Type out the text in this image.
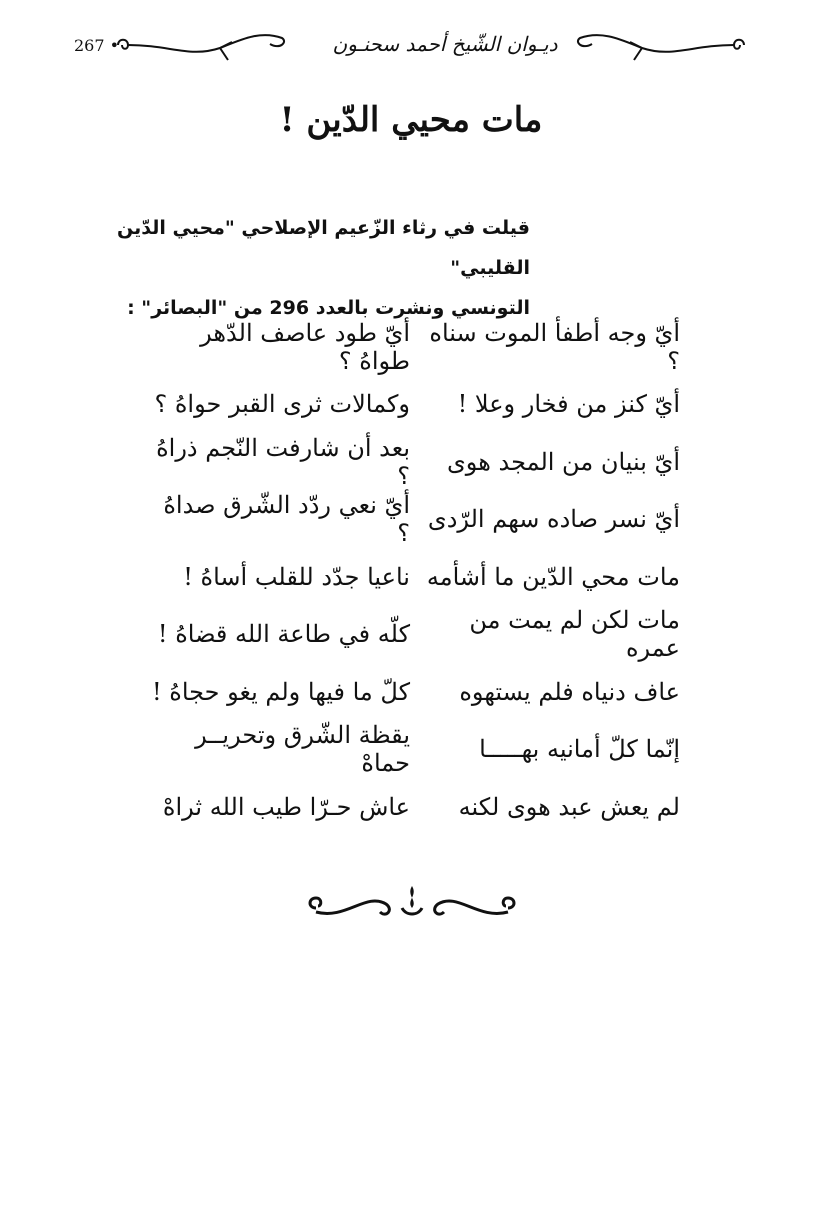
267 •	ديـوان الشّيخ أحمد سحنـون
مات محيي الدّين !
قيلت في رثاء الزّعيم الإصلاحي "محيي الدّين القليبي"
التونسي ونشرت بالعدد 296 من "البصائر" :
أيّ وجه أطفأ الموت سناه ؟
أيّ طود عاصف الدّهر طواهُ ؟
أيّ كنز من فخار وعلا !
وكمالات ثرى القبر حواهُ ؟
أيّ بنيان من المجد هوى
بعد أن شارفت النّجم ذراهُ ؟
أيّ نسر صاده سهم الرّدى
أيّ نعي ردّد الشّرق صداهُ ؟
مات محي الدّين ما أشأمه
ناعيا جدّد للقلب أساهُ !
مات لكن لم يمت من عمره
كلّه في طاعة الله قضاهُ !
عاف دنياه فلم يستهوه
كلّ ما فيها ولم يغو حجاهُ !
إنّما كلّ أمانيه بهـــــا
يقظة الشّرق وتحريــر حماهْ
لم يعش عبد هوى لكنه
عاش حـرّا طيب الله ثراهْ
